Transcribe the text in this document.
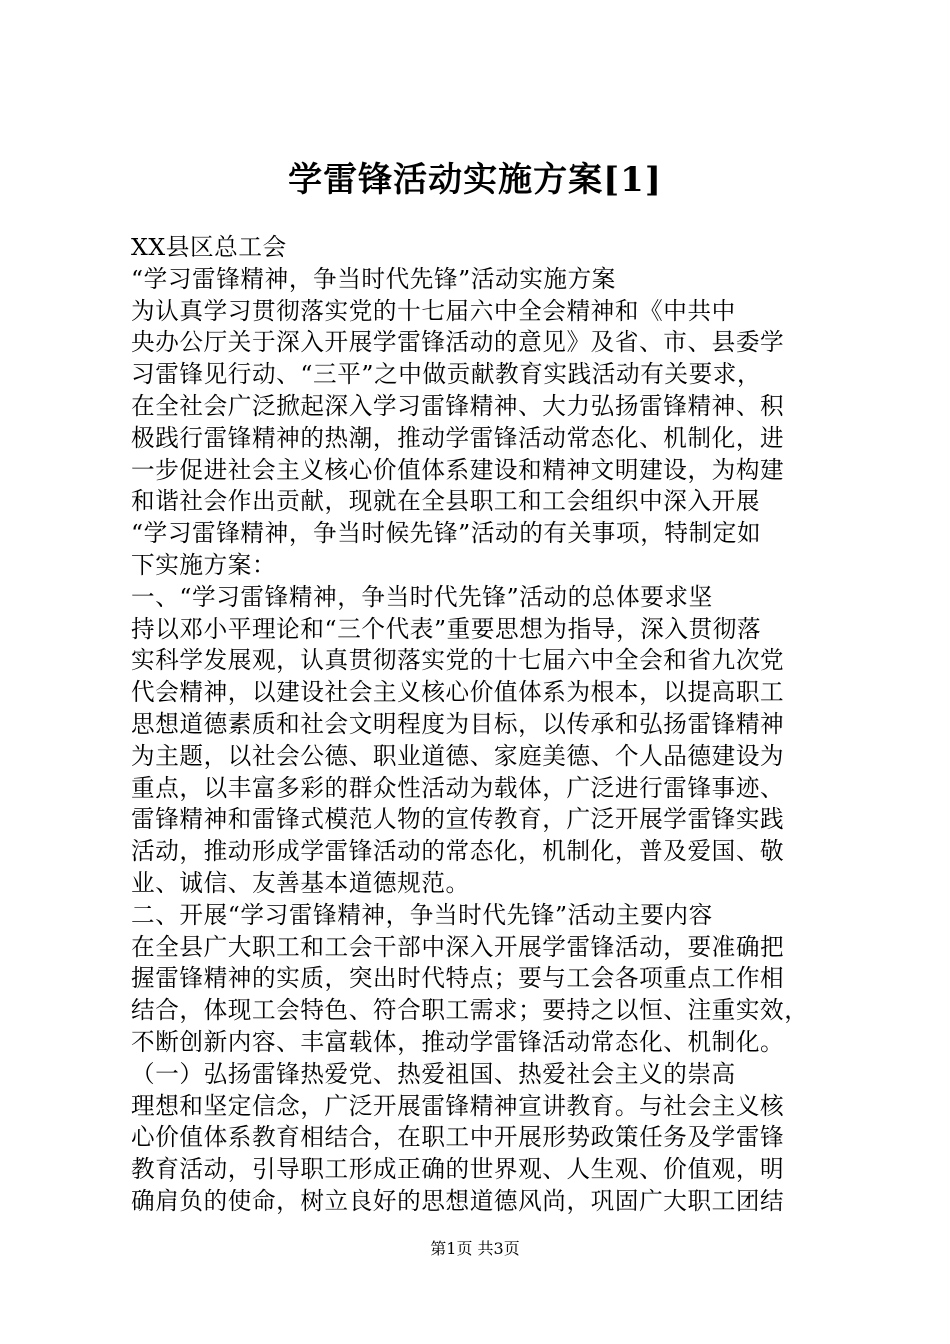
学雷锋活动实施方案[1]
XX县区总工会
“学习雷锋精神，争当时代先锋”活动实施方案
为认真学习贯彻落实党的十七届六中全会精神和《中共中
央办公厅关于深入开展学雷锋活动的意见》及省、市、县委学
习雷锋见行动、“三平”之中做贡献教育实践活动有关要求，
在全社会广泛掀起深入学习雷锋精神、大力弘扬雷锋精神、积
极践行雷锋精神的热潮，推动学雷锋活动常态化、机制化，进
一步促进社会主义核心价值体系建设和精神文明建设，为构建
和谐社会作出贡献，现就在全县职工和工会组织中深入开展
“学习雷锋精神，争当时候先锋”活动的有关事项，特制定如
下实施方案：
一、“学习雷锋精神，争当时代先锋”活动的总体要求坚
持以邓小平理论和“三个代表”重要思想为指导，深入贯彻落
实科学发展观，认真贯彻落实党的十七届六中全会和省九次党
代会精神，以建设社会主义核心价值体系为根本，以提高职工
思想道德素质和社会文明程度为目标，以传承和弘扬雷锋精神
为主题，以社会公德、职业道德、家庭美德、个人品德建设为
重点，以丰富多彩的群众性活动为载体，广泛进行雷锋事迹、
雷锋精神和雷锋式模范人物的宣传教育，广泛开展学雷锋实践
活动，推动形成学雷锋活动的常态化，机制化，普及爱国、敬
业、诚信、友善基本道德规范。
二、开展“学习雷锋精神，争当时代先锋”活动主要内容
在全县广大职工和工会干部中深入开展学雷锋活动，要准确把
握雷锋精神的实质，突出时代特点；要与工会各项重点工作相
结合，体现工会特色、符合职工需求；要持之以恒、注重实效，
不断创新内容、丰富载体，推动学雷锋活动常态化、机制化。
（一）弘扬雷锋热爱党、热爱祖国、热爱社会主义的崇高
理想和坚定信念，广泛开展雷锋精神宣讲教育。与社会主义核
心价值体系教育相结合，在职工中开展形势政策任务及学雷锋
教育活动，引导职工形成正确的世界观、人生观、价值观，明
确肩负的使命，树立良好的思想道德风尚，巩固广大职工团结
第1页 共3页
